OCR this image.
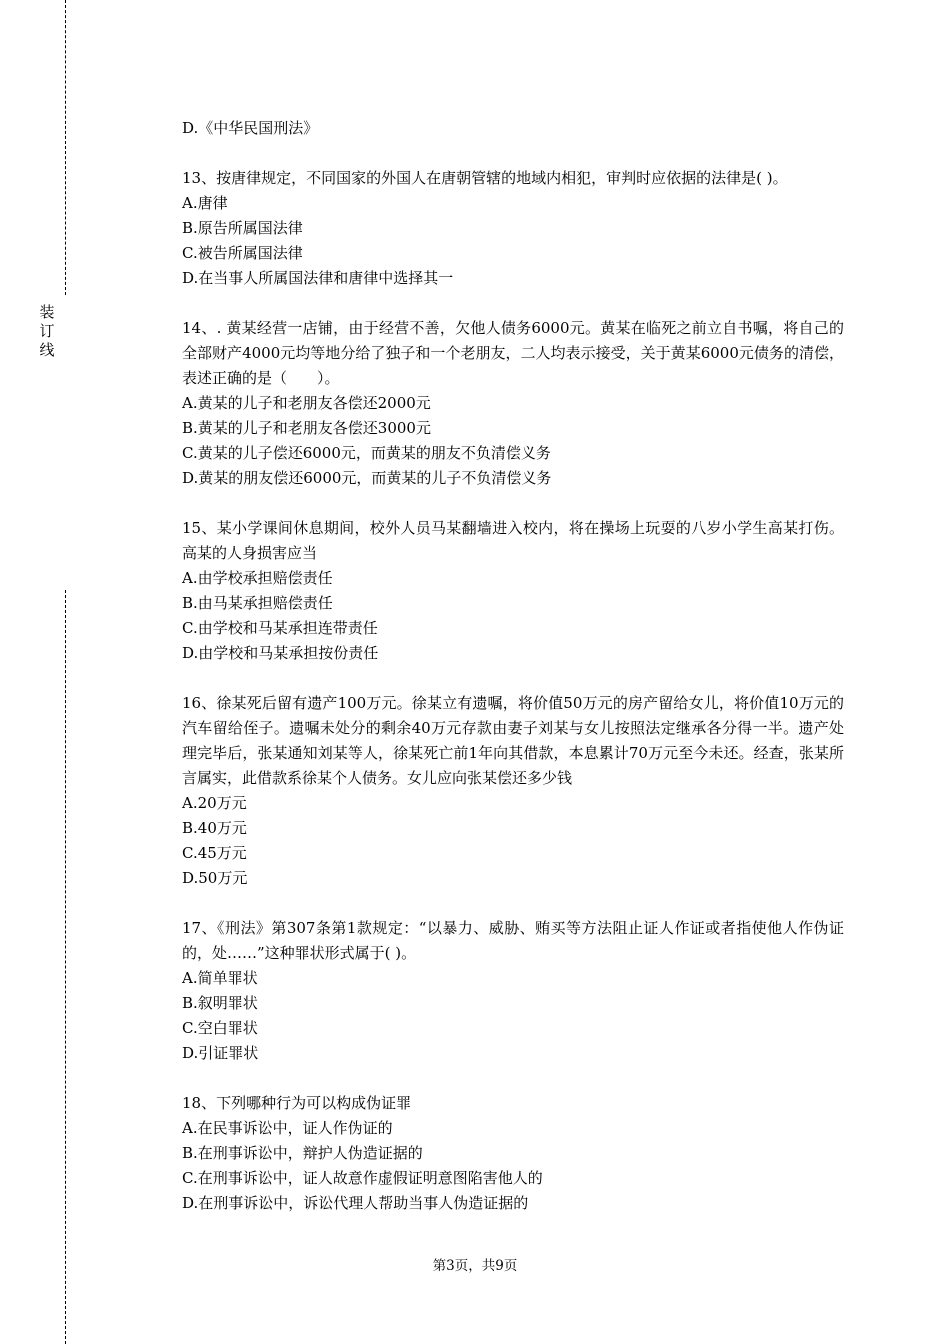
装订线

D.《中华民国刑法》

13、按唐律规定，不同国家的外国人在唐朝管辖的地域内相犯，审判时应依据的法律是( )。

A.唐律

B.原告所属国法律

C.被告所属国法律

D.在当事人所属国法律和唐律中选择其一

14、. 黄某经营一店铺，由于经营不善，欠他人债务6000元。黄某在临死之前立自书嘱，将自己的全部财产4000元均等地分给了独子和一个老朋友，二人均表示接受，关于黄某6000元债务的清偿，表述正确的是（　　）。

A.黄某的儿子和老朋友各偿还2000元

B.黄某的儿子和老朋友各偿还3000元

C.黄某的儿子偿还6000元，而黄某的朋友不负清偿义务

D.黄某的朋友偿还6000元，而黄某的儿子不负清偿义务

15、某小学课间休息期间，校外人员马某翻墙进入校内，将在操场上玩耍的八岁小学生高某打伤。高某的人身损害应当

A.由学校承担赔偿责任

B.由马某承担赔偿责任

C.由学校和马某承担连带责任

D.由学校和马某承担按份责任

16、徐某死后留有遗产100万元。徐某立有遗嘱，将价值50万元的房产留给女儿，将价值10万元的汽车留给侄子。遗嘱未处分的剩余40万元存款由妻子刘某与女儿按照法定继承各分得一半。遗产处理完毕后，张某通知刘某等人，徐某死亡前1年向其借款，本息累计70万元至今未还。经查，张某所言属实，此借款系徐某个人债务。女儿应向张某偿还多少钱

A.20万元

B.40万元

C.45万元

D.50万元

17、《刑法》第307条第1款规定：“以暴力、威胁、贿买等方法阻止证人作证或者指使他人作伪证的，处……”这种罪状形式属于( )。

A.简单罪状

B.叙明罪状

C.空白罪状

D.引证罪状

18、下列哪种行为可以构成伪证罪

A.在民事诉讼中，证人作伪证的

B.在刑事诉讼中，辩护人伪造证据的

C.在刑事诉讼中，证人故意作虚假证明意图陷害他人的

D.在刑事诉讼中，诉讼代理人帮助当事人伪造证据的

第3页，共9页
